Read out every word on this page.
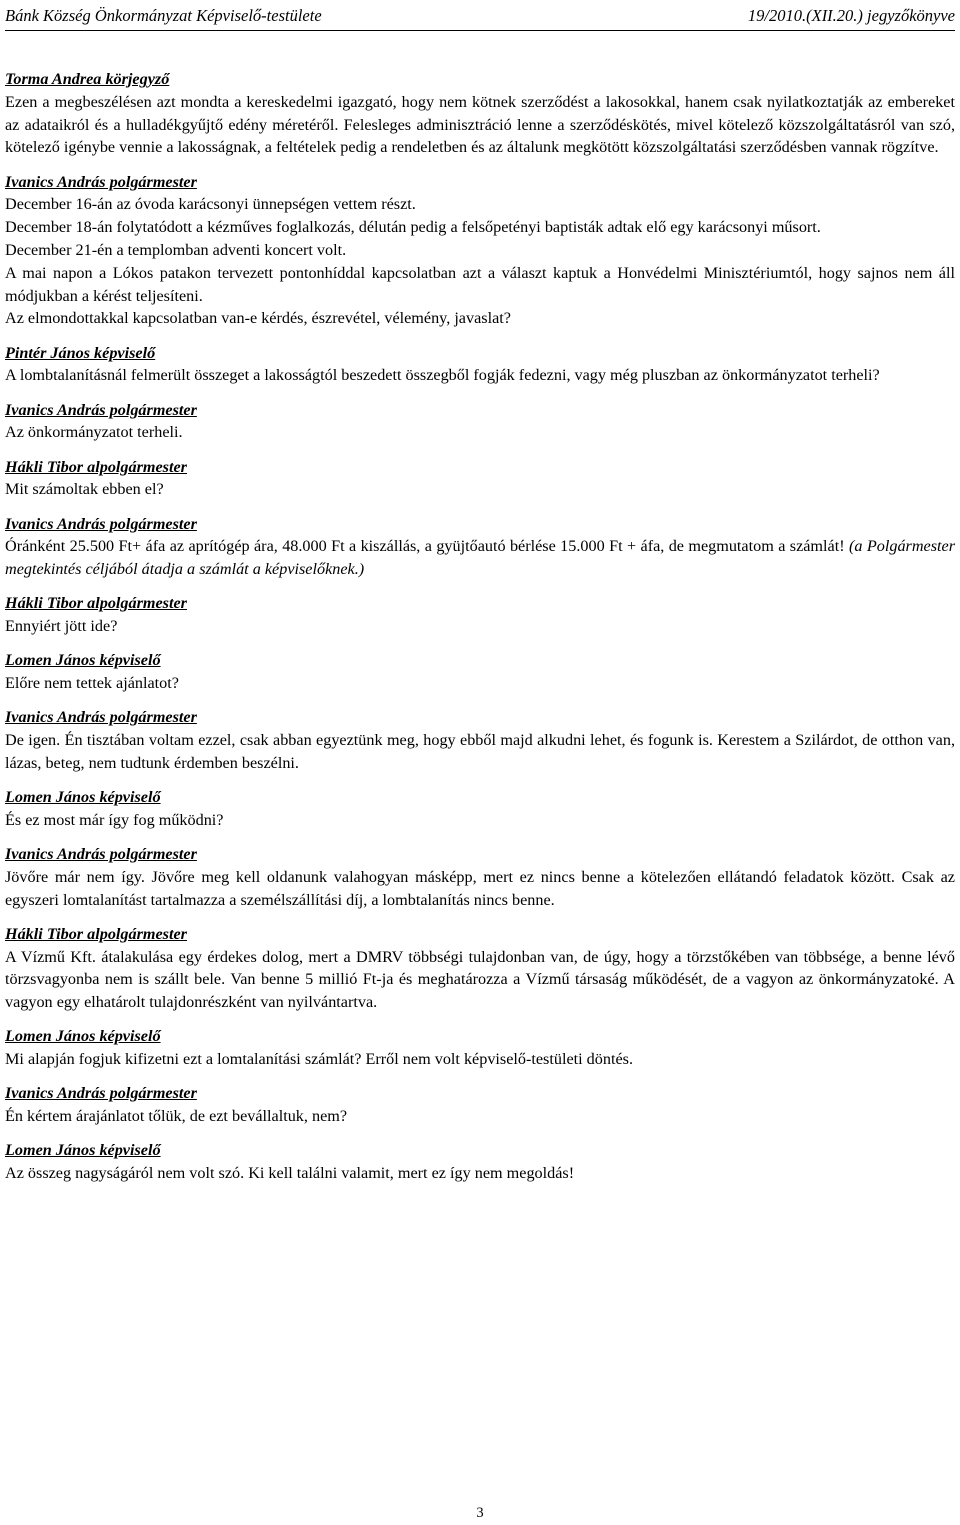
Bánk Község Önkormányzat Képviselő-testülete	19/2010.(XII.20.) jegyzőkönyve
Torma Andrea körjegyző
Ezen a megbeszélésen azt mondta a kereskedelmi igazgató, hogy nem kötnek szerződést a lakosokkal, hanem csak nyilatkoztatják az embereket az adataikról és a hulladékgyűjtő edény méretéről. Felesleges adminisztráció lenne a szerződéskötés, mivel kötelező közszolgáltatásról van szó, kötelező igénybe vennie a lakosságnak, a feltételek pedig a rendeletben és az általunk megkötött közszolgáltatási szerződésben vannak rögzítve.
Ivanics András polgármester
December 16-án az óvoda karácsonyi ünnepségen vettem részt.
December 18-án folytatódott a kézműves foglalkozás, délután pedig a felsőpetényi baptisták adtak elő egy karácsonyi műsort.
December 21-én a templomban adventi koncert volt.
A mai napon a Lókos patakon tervezett pontonhíddal kapcsolatban azt a választ kaptuk a Honvédelmi Minisztériumtól, hogy sajnos nem áll módjukban a kérést teljesíteni.
Az elmondottakkal kapcsolatban van-e kérdés, észrevétel, vélemény, javaslat?
Pintér János képviselő
A lombtalanításnál felmerült összeget a lakosságtól beszedett összegből fogják fedezni, vagy még pluszban az önkormányzatot terheli?
Ivanics András polgármester
Az önkormányzatot terheli.
Hákli Tibor alpolgármester
Mit számoltak ebben el?
Ivanics András polgármester
Óránként 25.500 Ft+ áfa az aprítógép ára, 48.000 Ft a kiszállás, a gyüjtőautó bérlése 15.000 Ft + áfa, de megmutatom a számlát! (a Polgármester megtekintés céljából átadja a számlát a képviselőknek.)
Hákli Tibor alpolgármester
Ennyiért jött ide?
Lomen János képviselő
Előre nem tettek ajánlatot?
Ivanics András polgármester
De igen. Én tisztában voltam ezzel, csak abban egyeztünk meg, hogy ebből majd alkudni lehet, és fogunk is. Kerestem a Szilárdot, de otthon van, lázas, beteg, nem tudtunk érdemben beszélni.
Lomen János képviselő
És ez most már így fog működni?
Ivanics András polgármester
Jövőre már nem így. Jövőre meg kell oldanunk valahogyan másképp, mert ez nincs benne a kötelezően ellátandó feladatok között. Csak az egyszeri lomtalanítást tartalmazza a személszállítási díj, a lombtalanítás nincs benne.
Hákli Tibor alpolgármester
A Vízmű Kft. átalakulása egy érdekes dolog, mert a DMRV többségi tulajdonban van, de úgy, hogy a törzstőkében van többsége, a benne lévő törzsvagyonba nem is szállt bele. Van benne 5 millió Ft-ja és meghatározza a Vízmű társaság működését, de a vagyon az önkormányzatoké. A vagyon egy elhatárolt tulajdonrészként van nyilvántartva.
Lomen János képviselő
Mi alapján fogjuk kifizetni ezt a lomtalanítási számlát? Erről nem volt képviselő-testületi döntés.
Ivanics András polgármester
Én kértem árajánlatot tőlük, de ezt bevállaltuk, nem?
Lomen János képviselő
Az összeg nagyságáról nem volt szó. Ki kell találni valamit, mert ez így nem megoldás!
3
